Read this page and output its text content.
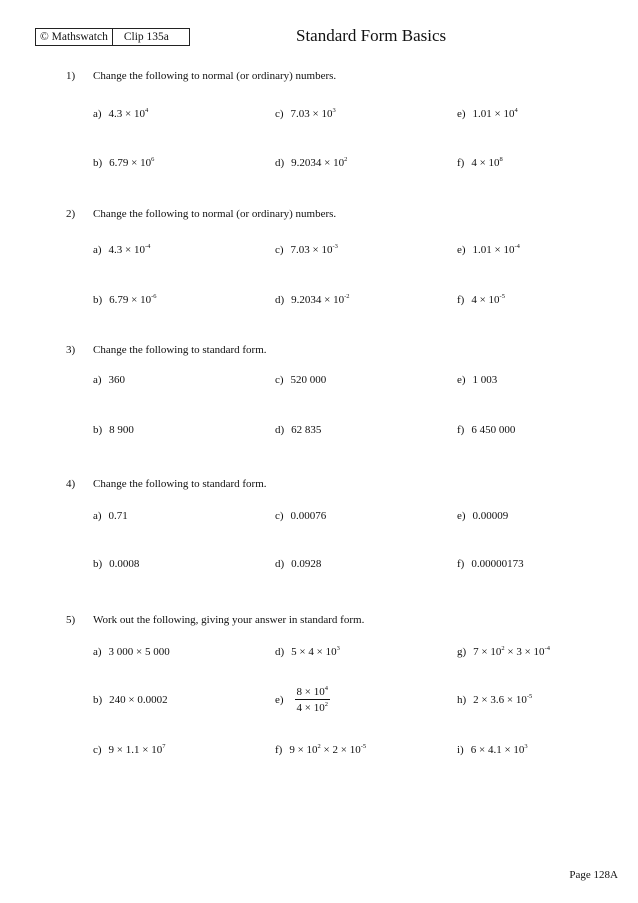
© Mathswatch	Clip 135a	Standard Form Basics
1) Change the following to normal (or ordinary) numbers.
a) $4.3 \times 10^4$	c) $7.03 \times 10^3$	e) $1.01 \times 10^4$
b) $6.79 \times 10^6$	d) $9.2034 \times 10^2$	f) $4 \times 10^8$
2) Change the following to normal (or ordinary) numbers.
a) $4.3 \times 10^{-4}$	c) $7.03 \times 10^{-3}$	e) $1.01 \times 10^{-4}$
b) $6.79 \times 10^{-6}$	d) $9.2034 \times 10^{-2}$	f) $4 \times 10^{-5}$
3) Change the following to standard form.
a) 360	c) 520 000	e) 1 003
b) 8 900	d) 62 835	f) 6 450 000
4) Change the following to standard form.
a) 0.71	c) 0.00076	e) 0.00009
b) 0.0008	d) 0.0928	f) 0.00000173
5) Work out the following, giving your answer in standard form.
a) 3 000 × 5 000	d) $5 \times 4 \times 10^3$	g) $7 \times 10^2 \times 3 \times 10^{-4}$
b) 240 × 0.0002	$e) \frac{8 \times 10^4}{4 \times 10^2}$	h) $2 \times 3.6 \times 10^{-5}$
c) $9 \times 1.1 \times 10^7$	f) $9 \times 10^2 \times 2 \times 10^{-5}$	i) $6 \times 4.1 \times 10^3$
Page 128A
